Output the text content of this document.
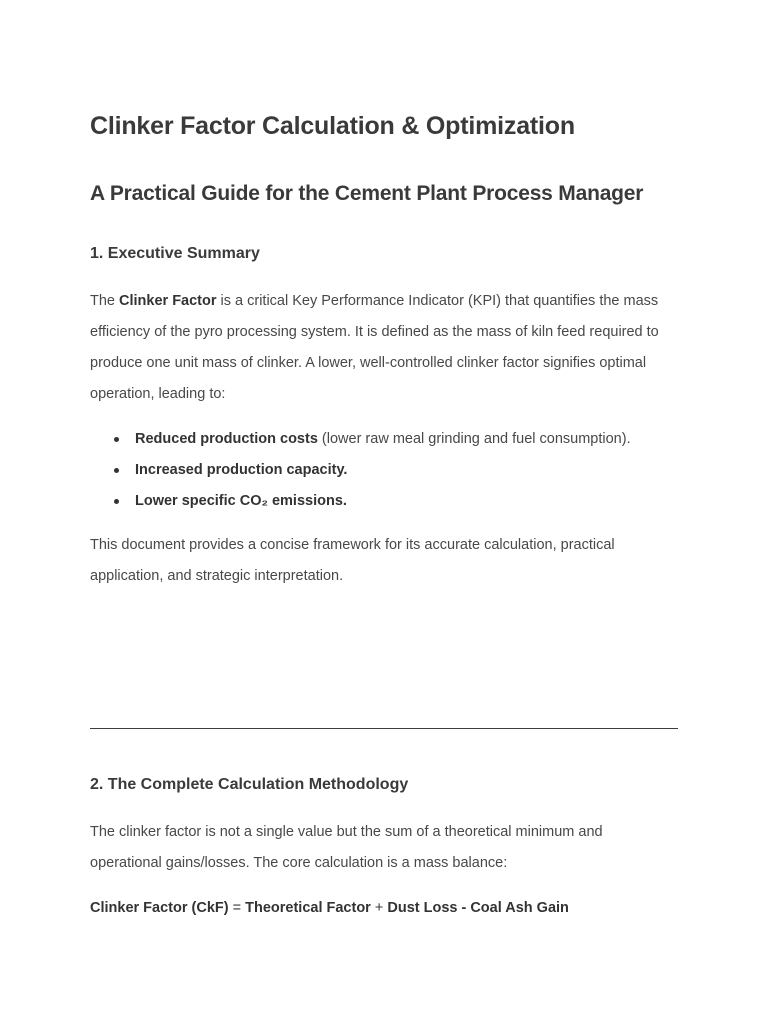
Clinker Factor Calculation & Optimization
A Practical Guide for the Cement Plant Process Manager
1. Executive Summary

The Clinker Factor is a critical Key Performance Indicator (KPI) that quantifies the mass efficiency of the pyro processing system. It is defined as the mass of kiln feed required to produce one unit mass of clinker. A lower, well-controlled clinker factor signifies optimal operation, leading to:

Reduced production costs (lower raw meal grinding and fuel consumption).
Increased production capacity.
Lower specific CO₂ emissions.

This document provides a concise framework for its accurate calculation, practical application, and strategic interpretation.

2. The Complete Calculation Methodology

The clinker factor is not a single value but the sum of a theoretical minimum and operational gains/losses. The core calculation is a mass balance:

Clinker Factor (CkF) = Theoretical Factor + Dust Loss - Coal Ash Gain
